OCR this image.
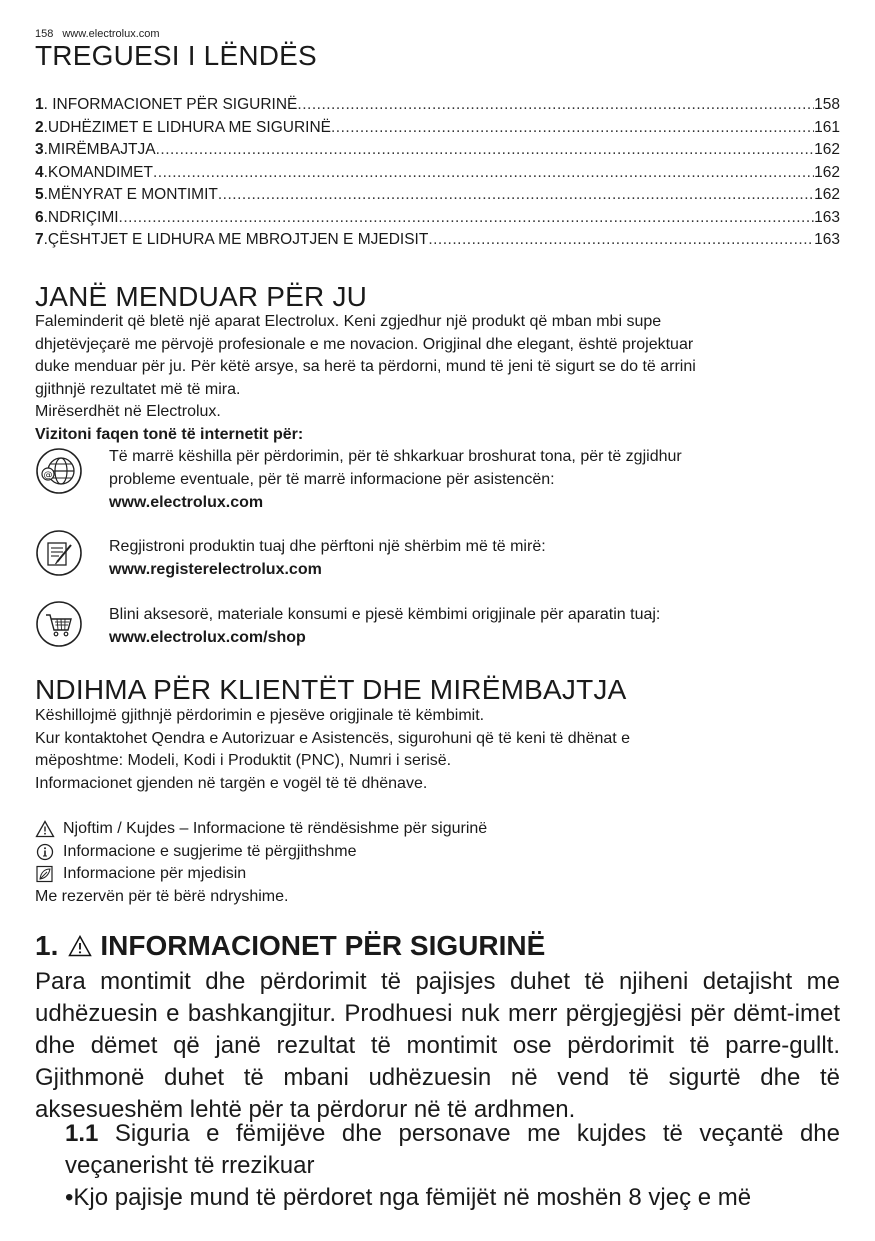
158 www.electrolux.com
TREGUESI I LËNDËS
1. INFORMACIONET PËR SIGURINË .....	158
2.UDHËZIMET E LIDHURA ME SIGURINË .....	161
3.MIRËMBAJTJA .....	162
4.KOMANDIMET .....	162
5.MËNYRAT E MONTIMIT .....	162
6.NDRIÇIMI .....	163
7.ÇËSHTJET E LIDHURA ME MBROJTJEN E MJEDISIT .....	163
JANË MENDUAR PËR JU

Faleminderit që bletë një aparat Electrolux. Keni zgjedhur një produkt që mban mbi supe

dhjetëvjeçarë me përvojë profesionale e me novacion. Origjinal dhe elegant, është projektuar

duke menduar për ju. Për këtë arsye, sa herë ta përdorni, mund të jeni të sigurt se do të arrini

gjithnjë rezultatet më të mira.

Mirëserdhët në Electrolux.

Vizitoni faqen tonë të internetit për:

@
Të marrë këshilla për përdorimin, për të shkarkuar broshurat tona, për të zgjidhur
probleme eventuale, për të marrë informacione për asistencën:
www.electrolux.com
Regjistroni produktin tuaj dhe përftoni një shërbim më të mirë:
www.registerelectrolux.com
Blini aksesorë, materiale konsumi e pjesë këmbimi origjinale për aparatin tuaj:
www.electrolux.com/shop
NDIHMA PËR KLIENTËT DHE MIRËMBAJTJA

Këshillojmë gjithnjë përdorimin e pjesëve origjinale të këmbimit.

Kur kontaktohet Qendra e Autorizuar e Asistencës, sigurohuni që të keni të dhënat e

mëposhtme: Modeli, Kodi i Produktit (PNC), Numri i serisë.

Informacionet gjenden në targën e vogël të të dhënave.

Njoftim / Kujdes – Informacione të rëndësishme për sigurinë
Informacione e sugjerime të përgjithshme
Informacione për mjedisin
Me rezervën për të bërë ndryshime.
1. INFORMACIONET PËR SIGURINË
Para montimit dhe përdorimit të pajisjes duhet të njiheni detajisht me udhëzuesin e bashkangjitur. Prodhuesi nuk merr përgjegjësi për dëmt-imet dhe dëmet që janë rezultat të montimit ose përdorimit të parre-gullt. Gjithmonë duhet të mbani udhëzuesin në vend të sigurtë dhe të aksesueshëm lehtë për ta përdorur në të ardhmen.
1.1 Siguria e fëmijëve dhe personave me kujdes të veçantë dhe veçanerisht të rrezikuar
•Kjo pajisje mund të përdoret nga fëmijët në moshën 8 vjeç e më
